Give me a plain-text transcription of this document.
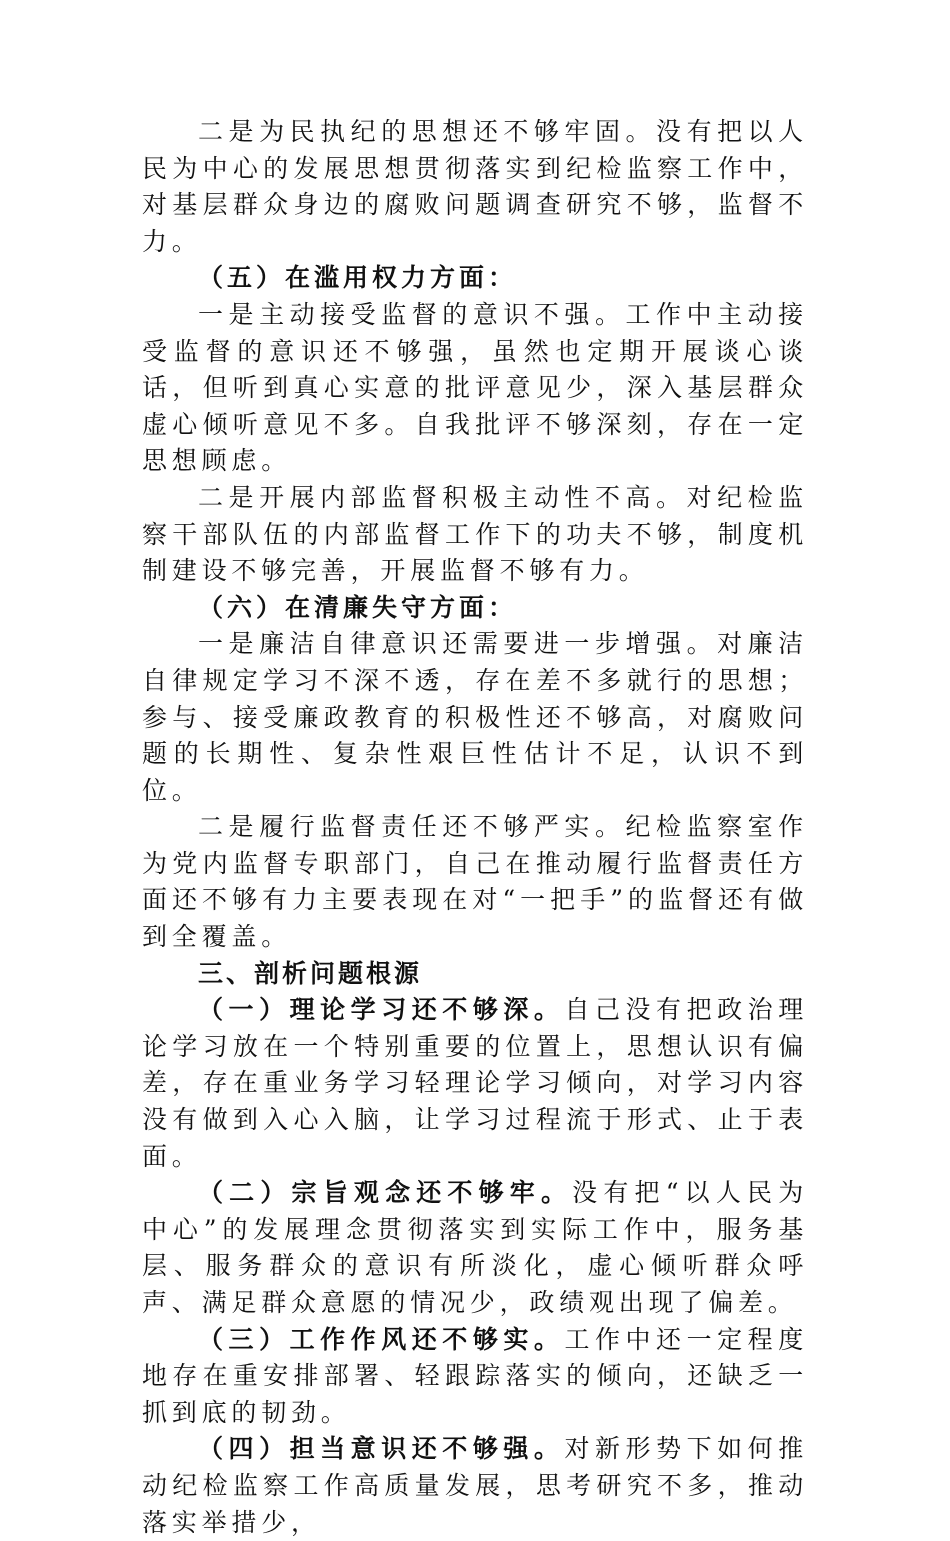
二是为民执纪的思想还不够牢固。没有把以人民为中心的发展思想贯彻落实到纪检监察工作中，对基层群众身边的腐败问题调查研究不够，监督不力。

（五）在滥用权力方面：

一是主动接受监督的意识不强。工作中主动接受监督的意识还不够强，虽然也定期开展谈心谈话，但听到真心实意的批评意见少，深入基层群众虚心倾听意见不多。自我批评不够深刻，存在一定思想顾虑。

二是开展内部监督积极主动性不高。对纪检监察干部队伍的内部监督工作下的功夫不够，制度机制建设不够完善，开展监督不够有力。

（六）在清廉失守方面：

一是廉洁自律意识还需要进一步增强。对廉洁自律规定学习不深不透，存在差不多就行的思想；参与、接受廉政教育的积极性还不够高，对腐败问题的长期性、复杂性艰巨性估计不足，认识不到位。

二是履行监督责任还不够严实。纪检监察室作为党内监督专职部门，自己在推动履行监督责任方面还不够有力主要表现在对“一把手”的监督还有做到全覆盖。

三、剖析问题根源

（一）理论学习还不够深。自己没有把政治理论学习放在一个特别重要的位置上，思想认识有偏差，存在重业务学习轻理论学习倾向，对学习内容没有做到入心入脑，让学习过程流于形式、止于表面。

（二）宗旨观念还不够牢。没有把“以人民为中心”的发展理念贯彻落实到实际工作中，服务基层、服务群众的意识有所淡化，虚心倾听群众呼声、满足群众意愿的情况少，政绩观出现了偏差。

（三）工作作风还不够实。工作中还一定程度地存在重安排部署、轻跟踪落实的倾向，还缺乏一抓到底的韧劲。

（四）担当意识还不够强。对新形势下如何推动纪检监察工作高质量发展，思考研究不多，推动落实举措少，
